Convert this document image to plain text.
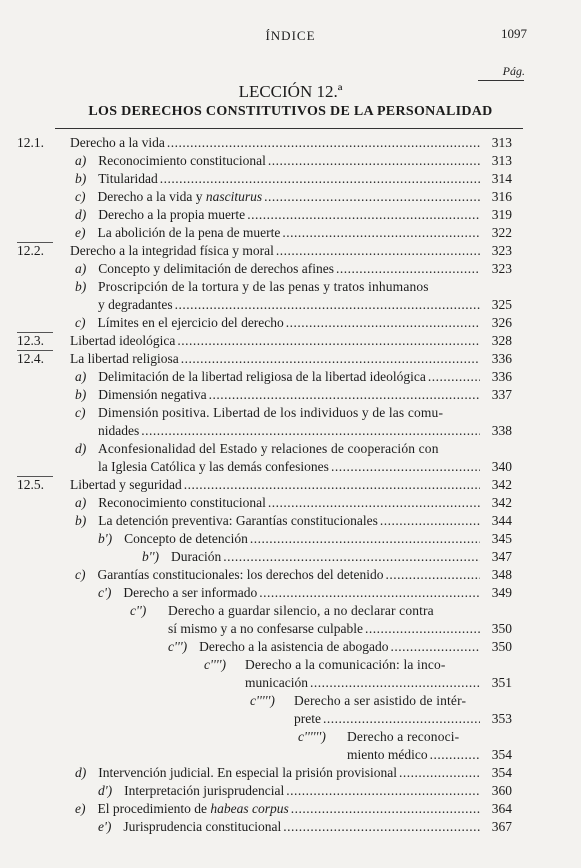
ÍNDICE	1097
Pág.
LECCIÓN 12.ª
LOS DERECHOS CONSTITUTIVOS DE LA PERSONALIDAD
12.1. Derecho a la vida .....	313
a) Reconocimiento constitucional .....	313
b) Titularidad .....	314
c) Derecho a la vida y
nasciturus .....	316
d) Derecho a la propia muerte .....	319
e) La abolición de la pena de muerte .....	322
12.2. Derecho a la integridad física y moral .....	323
a) Concepto y delimitación de derechos afines .....	323
b) Proscripción de la tortura y de las penas y tratos inhumanos
y degradantes .....	325
c) Límites en el ejercicio del derecho .....	326
12.3. Libertad ideológica .....	328
12.4. La libertad religiosa .....	336
a) Delimitación de la libertad religiosa de la libertad ideológica .....	336
b) Dimensión negativa .....	337
c) Dimensión positiva. Libertad de los individuos y de las comu-
nidades .....	338
d) Aconfesionalidad del Estado y relaciones de cooperación con
la Iglesia Católica y las demás confesiones .....	340
12.5. Libertad y seguridad .....	342
a) Reconocimiento constitucional .....	342
b) La detención preventiva: Garantías constitucionales .....	344
b') Concepto de detención .....	345
b'') Duración .....	347
c) Garantías constitucionales: los derechos del detenido .....	348
c') Derecho a ser informado .....	349
c'') Derecho a guardar silencio, a no declarar contra
sí mismo y a no confesarse culpable .....	350
c''') Derecho a la asistencia de abogado .....	350
c'''') Derecho a la comunicación: la inco-
municación .....	351
c''''') Derecho a ser asistido de intér-
prete .....	353
c'''''') Derecho a reconoci-
miento médico .....	354
d) Intervención judicial. En especial la prisión provisional .....	354
d') Interpretación jurisprudencial .....	360
e) El procedimiento de
habeas corpus .....	364
e') Jurisprudencia constitucional .....	367
